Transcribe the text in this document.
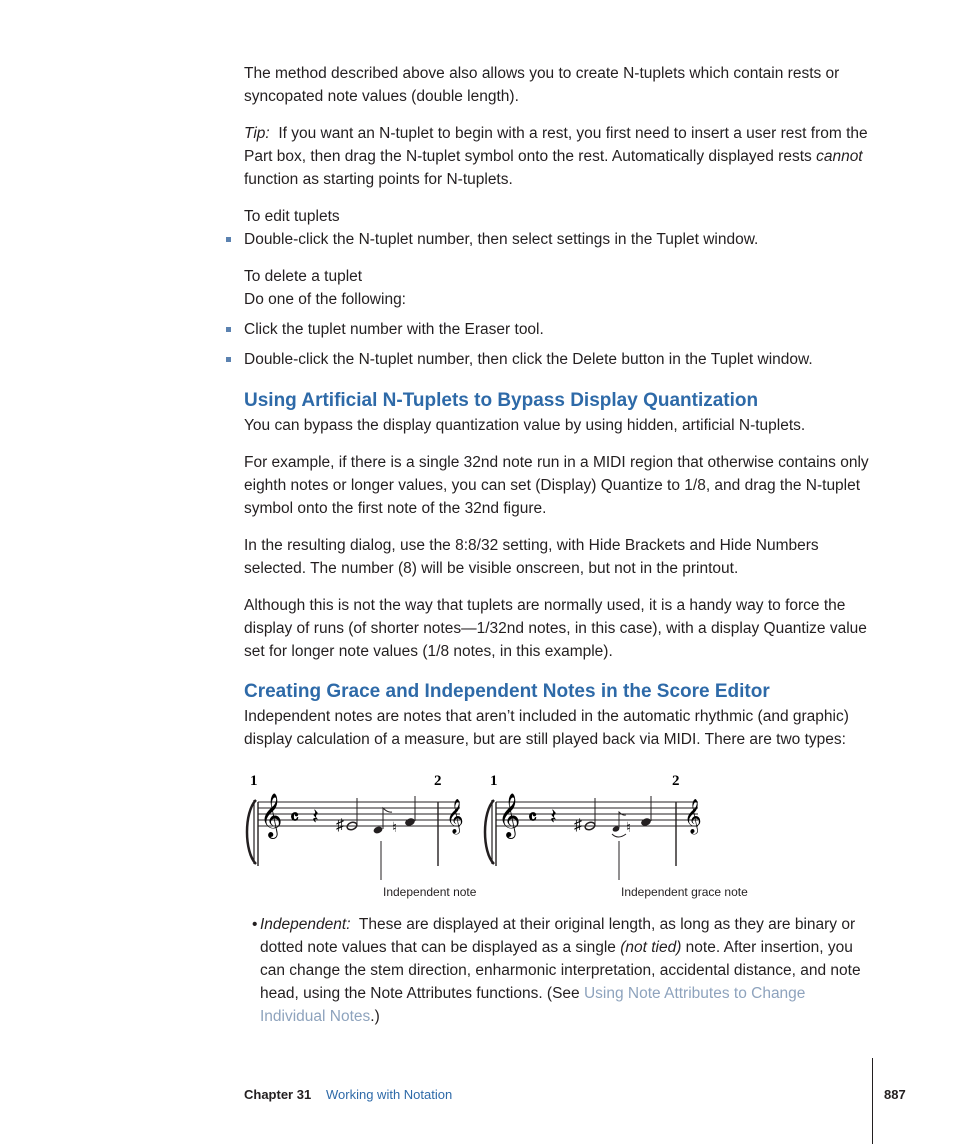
The method described above also allows you to create N-tuplets which contain rests or syncopated note values (double length).

Tip: If you want an N-tuplet to begin with a rest, you first need to insert a user rest from the Part box, then drag the N-tuplet symbol onto the rest. Automatically displayed rests cannot function as starting points for N-tuplets.

To edit tuplets

Double-click the N-tuplet number, then select settings in the Tuplet window.

To delete a tuplet

Do one of the following:

Click the tuplet number with the Eraser tool.
Double-click the N-tuplet number, then click the Delete button in the Tuplet window.
Using Artificial N-Tuplets to Bypass Display Quantization

You can bypass the display quantization value by using hidden, artificial N-tuplets.

For example, if there is a single 32nd note run in a MIDI region that otherwise contains only eighth notes or longer values, you can set (Display) Quantize to 1/8, and drag the N-tuplet symbol onto the first note of the 32nd figure.

In the resulting dialog, use the 8:8/32 setting, with Hide Brackets and Hide Numbers selected. The number (8) will be visible onscreen, but not in the printout.

Although this is not the way that tuplets are normally used, it is a handy way to force the display of runs (of shorter notes—1/32nd notes, in this case), with a display Quantize value set for longer note values (1/8 notes, in this example).

Creating Grace and Independent Notes in the Score Editor

Independent notes are notes that aren’t included in the automatic rhythmic (and graphic) display calculation of a measure, but are still played back via MIDI. There are two types:

1	2
𝄞	𝄞
𝄴 𝄽 ♯	♮
1	2
𝄞	𝄞
𝄴 𝄽 ♯	♮
Independent note	Independent grace note
• Independent: These are displayed at their original length, as long as they are binary or dotted note values that can be displayed as a single (not tied) note. After insertion, you can change the stem direction, enharmonic interpretation, accidental distance, and note head, using the Note Attributes functions. (See Using Note Attributes to Change Individual Notes.)
Chapter 31 Working with Notation	887
